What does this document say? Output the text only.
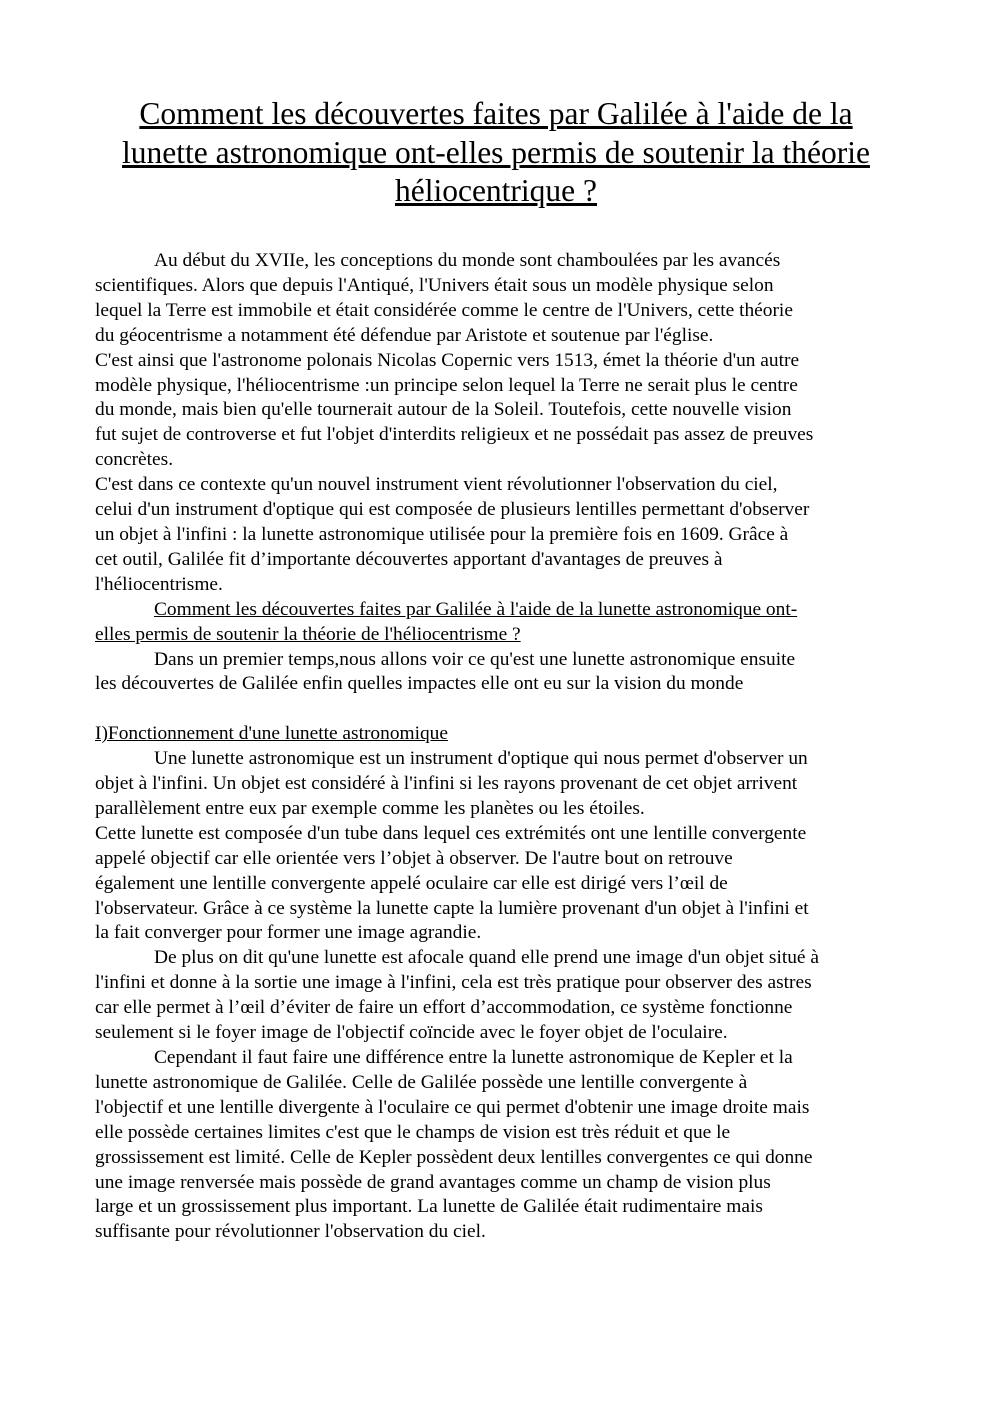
Comment les découvertes faites par Galilée à l'aide de la
lunette astronomique ont-elles permis de soutenir la théorie
héliocentrique ?
Au début du XVIIe, les conceptions du monde sont chamboulées par les avancés
scientifiques. Alors que depuis l'Antiqué, l'Univers était sous un modèle physique selon
lequel la Terre est immobile et était considérée comme le centre de l'Univers, cette théorie
du géocentrisme a notamment été défendue par Aristote et soutenue par l'église.
C'est ainsi que l'astronome polonais Nicolas Copernic vers 1513, émet la théorie d'un autre
modèle physique, l'héliocentrisme :un principe selon lequel la Terre ne serait plus le centre
du monde, mais bien qu'elle tournerait autour de la Soleil. Toutefois, cette nouvelle vision
fut sujet de controverse et fut l'objet d'interdits religieux et ne possédait pas assez de preuves
concrètes.
C'est dans ce contexte qu'un nouvel instrument vient révolutionner l'observation du ciel,
celui d'un instrument d'optique qui est composée de plusieurs lentilles permettant d'observer
un objet à l'infini : la lunette astronomique utilisée pour la première fois en 1609. Grâce à
cet outil, Galilée fit d’importante découvertes apportant d'avantages de preuves à
l'héliocentrisme.
Comment les découvertes faites par Galilée à l'aide de la lunette astronomique ont-
elles permis de soutenir la théorie de l'héliocentrisme ?
Dans un premier temps,nous allons voir ce qu'est une lunette astronomique ensuite
les découvertes de Galilée enfin quelles impactes elle ont eu sur la vision du monde
I)Fonctionnement d'une lunette astronomique
Une lunette astronomique est un instrument d'optique qui nous permet d'observer un
objet à l'infini. Un objet est considéré à l'infini si les rayons provenant de cet objet arrivent
parallèlement entre eux par exemple comme les planètes ou les étoiles.
Cette lunette est composée d'un tube dans lequel ces extrémités ont une lentille convergente
appelé objectif car elle orientée vers l’objet à observer. De l'autre bout on retrouve
également une lentille convergente appelé oculaire car elle est dirigé vers l’œil de
l'observateur. Grâce à ce système la lunette capte la lumière provenant d'un objet à l'infini et
la fait converger pour former une image agrandie.
De plus on dit qu'une lunette est afocale quand elle prend une image d'un objet situé à
l'infini et donne à la sortie une image à l'infini, cela est très pratique pour observer des astres
car elle permet à l’œil d’éviter de faire un effort d’accommodation, ce système fonctionne
seulement si le foyer image de l'objectif coïncide avec le foyer objet de l'oculaire.
Cependant il faut faire une différence entre la lunette astronomique de Kepler et la
lunette astronomique de Galilée. Celle de Galilée possède une lentille convergente à
l'objectif et une lentille divergente à l'oculaire ce qui permet d'obtenir une image droite mais
elle possède certaines limites c'est que le champs de vision est très réduit et que le
grossissement est limité. Celle de Kepler possèdent deux lentilles convergentes ce qui donne
une image renversée mais possède de grand avantages comme un champ de vision plus
large et un grossissement plus important. La lunette de Galilée était rudimentaire mais
suffisante pour révolutionner l'observation du ciel.
